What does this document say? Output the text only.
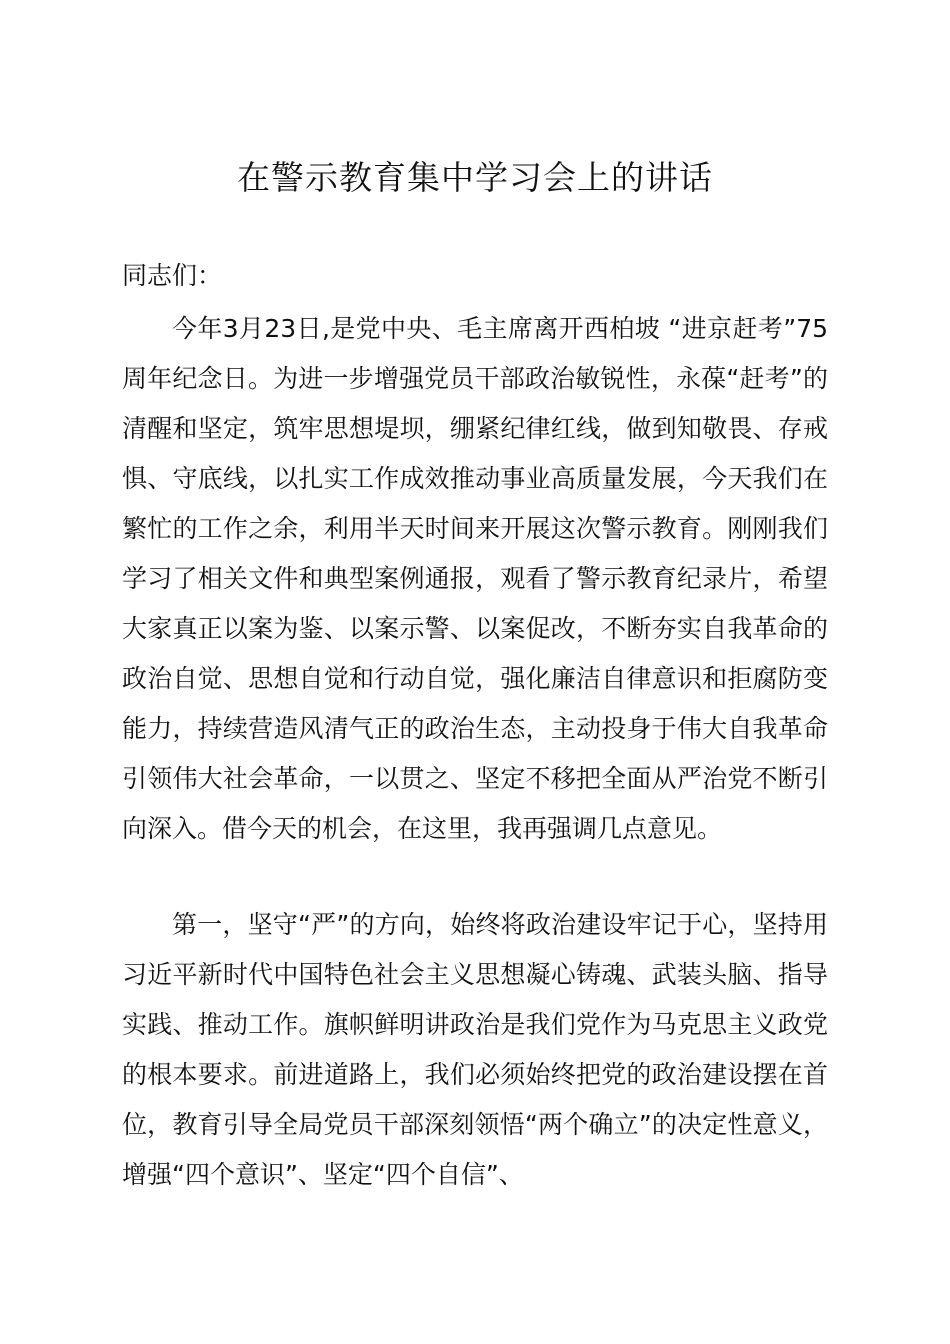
在警示教育集中学习会上的讲话
同志们：

今年3月23日,是党中央、毛主席离开西柏坡 “进京赶考”75周年纪念日。为进一步增强党员干部政治敏锐性，永葆“赶考”的清醒和坚定，筑牢思想堤坝，绷紧纪律红线，做到知敬畏、存戒惧、守底线，以扎实工作成效推动事业高质量发展，今天我们在繁忙的工作之余，利用半天时间来开展这次警示教育。刚刚我们学习了相关文件和典型案例通报，观看了警示教育纪录片，希望大家真正以案为鉴、以案示警、以案促改，不断夯实自我革命的政治自觉、思想自觉和行动自觉，强化廉洁自律意识和拒腐防变能力，持续营造风清气正的政治生态，主动投身于伟大自我革命引领伟大社会革命，一以贯之、坚定不移把全面从严治党不断引向深入。借今天的机会，在这里，我再强调几点意见。

第一，坚守“严”的方向，始终将政治建设牢记于心，坚持用习近平新时代中国特色社会主义思想凝心铸魂、武装头脑、指导实践、推动工作。旗帜鲜明讲政治是我们党作为马克思主义政党的根本要求。前进道路上，我们必须始终把党的政治建设摆在首位，教育引导全局党员干部深刻领悟“两个确立”的决定性意义，增强“四个意识”、坚定“四个自信”、
